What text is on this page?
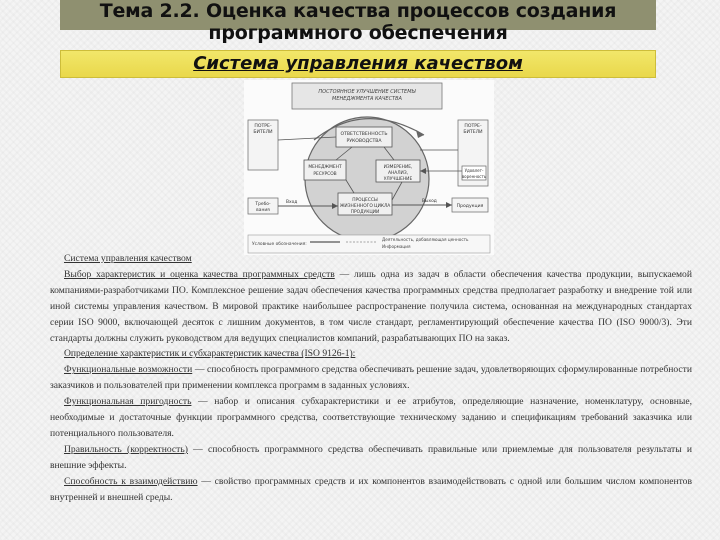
Тема 2.2. Оценка качества процессов создания программного обеспечения
Система управления качеством
ПОСТОЯННОЕ УЛУЧШЕНИЕ СИСТЕМЫ
МЕНЕДЖМЕНТА КАЧЕСТВА
ОТВЕТСТВЕННОСТЬ
РУКОВОДСТВА
МЕНЕДЖМЕНТ
РЕСУРСОВ
ИЗМЕРЕНИЕ,
АНАЛИЗ,
УЛУЧШЕНИЕ
ПРОЦЕССЫ
ЖИЗНЕННОГО ЦИКЛА
ПРОДУКЦИИ
ПОТРЕ-
БИТЕЛИ
Требо-
вания
Вход
ПОТРЕ-
БИТЕЛИ
Удовлет-
воренность
Продукция
Выход
Условные обозначения:
Деятельность, добавляющая ценность
Информация

Система управления качеством

Выбор характеристик и оценка качества программных средств — лишь одна из задач в области обеспечения качества продукции, выпускаемой компаниями-разработчиками ПО. Комплексное решение задач обеспечения качества программных средства предполагает разработку и внедрение той или иной системы управления качеством. В мировой практике наибольшее распространение получила система, основанная на международных стандартах серии ISO 9000, включающей десяток с лишним документов, в том числе стандарт, регламентирующий обеспечение качества ПО (ISO 9000/3). Эти стандарты должны служить руководством для ведущих специалистов компаний, разрабатывающих ПО на заказ.

Определение характеристик и субхарактеристик качества (ISO 9126-1):

Функциональные возможности — способность программного средства обеспечивать решение задач, удовлетворяющих сформулированные потребности заказчиков и пользователей при применении комплекса программ в заданных условиях.

Функциональная пригодность — набор и описания субхарактеристики и ее атрибутов, определяющие назначение, номенклатуру, основные, необходимые и достаточные функции программного средства, соответствующие техническому заданию и спецификациям требований заказчика или потенциального пользователя.

Правильность (корректность) — способность программного средства обеспечивать правильные или приемлемые для пользователя результаты и внешние эффекты.

Способность к взаимодействию — свойство программных средств и их компонентов взаимодействовать с одной или большим числом компонентов внутренней и внешней среды.
